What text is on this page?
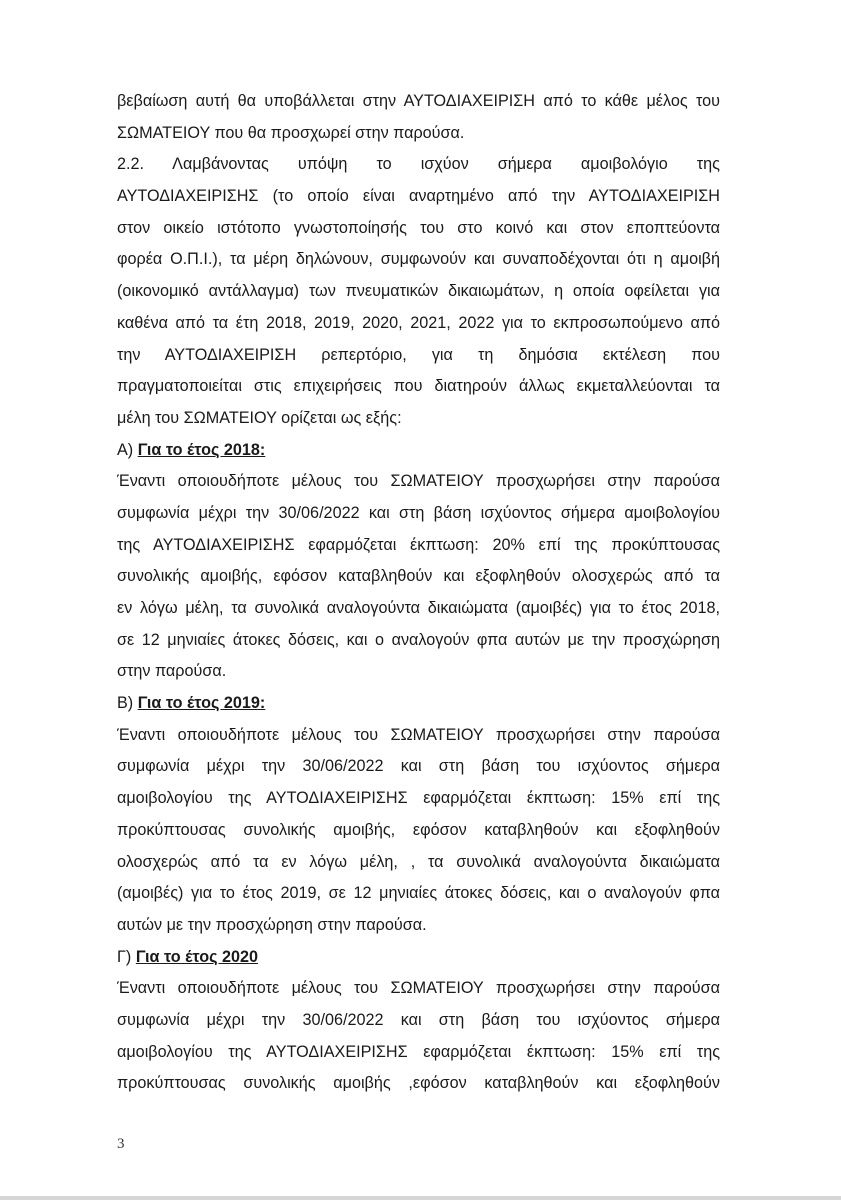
βεβαίωση αυτή θα υποβάλλεται στην ΑΥΤΟΔΙΑΧΕΙΡΙΣΗ από το κάθε μέλος του
ΣΩΜΑΤΕΙΟΥ που θα προσχωρεί στην παρούσα.
2.2. Λαμβάνοντας υπόψη το ισχύον σήμερα αμοιβολόγιο της
ΑΥΤΟΔΙΑΧΕΙΡΙΣΗΣ (το οποίο είναι αναρτημένο από την ΑΥΤΟΔΙΑΧΕΙΡΙΣΗ
στον οικείο ιστότοπο γνωστοποίησής του στο κοινό και στον εποπτεύοντα
φορέα Ο.Π.Ι.), τα μέρη δηλώνουν, συμφωνούν και συναποδέχονται ότι η αμοιβή
(οικονομικό αντάλλαγμα) των πνευματικών δικαιωμάτων, η οποία οφείλεται για
καθένα από τα έτη 2018, 2019, 2020, 2021, 2022 για το εκπροσωπούμενο από
την ΑΥΤΟΔΙΑΧΕΙΡΙΣΗ ρεπερτόριο, για τη δημόσια εκτέλεση που
πραγματοποιείται στις επιχειρήσεις που διατηρούν άλλως εκμεταλλεύονται τα
μέλη του ΣΩΜΑΤΕΙΟΥ ορίζεται ως εξής:
Α) Για το έτος 2018:
Έναντι οποιουδήποτε μέλους του ΣΩΜΑΤΕΙΟΥ προσχωρήσει στην παρούσα
συμφωνία μέχρι την 30/06/2022 και στη βάση ισχύοντος σήμερα αμοιβολογίου
της ΑΥΤΟΔΙΑΧΕΙΡΙΣΗΣ εφαρμόζεται έκπτωση: 20% επί της προκύπτουσας
συνολικής αμοιβής, εφόσον καταβληθούν και εξοφληθούν ολοσχερώς από τα
εν λόγω μέλη, τα συνολικά αναλογούντα δικαιώματα (αμοιβές) για το έτος 2018,
σε 12 μηνιαίες άτοκες δόσεις, και ο αναλογούν φπα αυτών με την προσχώρηση
στην παρούσα.
Β) Για το έτος 2019:
Έναντι οποιουδήποτε μέλους του ΣΩΜΑΤΕΙΟΥ προσχωρήσει στην παρούσα
συμφωνία μέχρι την 30/06/2022 και στη βάση του ισχύοντος σήμερα
αμοιβολογίου της ΑΥΤΟΔΙΑΧΕΙΡΙΣΗΣ εφαρμόζεται έκπτωση: 15% επί της
προκύπτουσας συνολικής αμοιβής, εφόσον καταβληθούν και εξοφληθούν
ολοσχερώς από τα εν λόγω μέλη, , τα συνολικά αναλογούντα δικαιώματα
(αμοιβές) για το έτος 2019, σε 12 μηνιαίες άτοκες δόσεις, και ο αναλογούν φπα
αυτών με την προσχώρηση στην παρούσα.
Γ) Για το έτος 2020
Έναντι οποιουδήποτε μέλους του ΣΩΜΑΤΕΙΟΥ προσχωρήσει στην παρούσα
συμφωνία μέχρι την 30/06/2022 και στη βάση του ισχύοντος σήμερα
αμοιβολογίου της ΑΥΤΟΔΙΑΧΕΙΡΙΣΗΣ εφαρμόζεται έκπτωση: 15% επί της
προκύπτουσας συνολικής αμοιβής ,εφόσον καταβληθούν και εξοφληθούν
3
